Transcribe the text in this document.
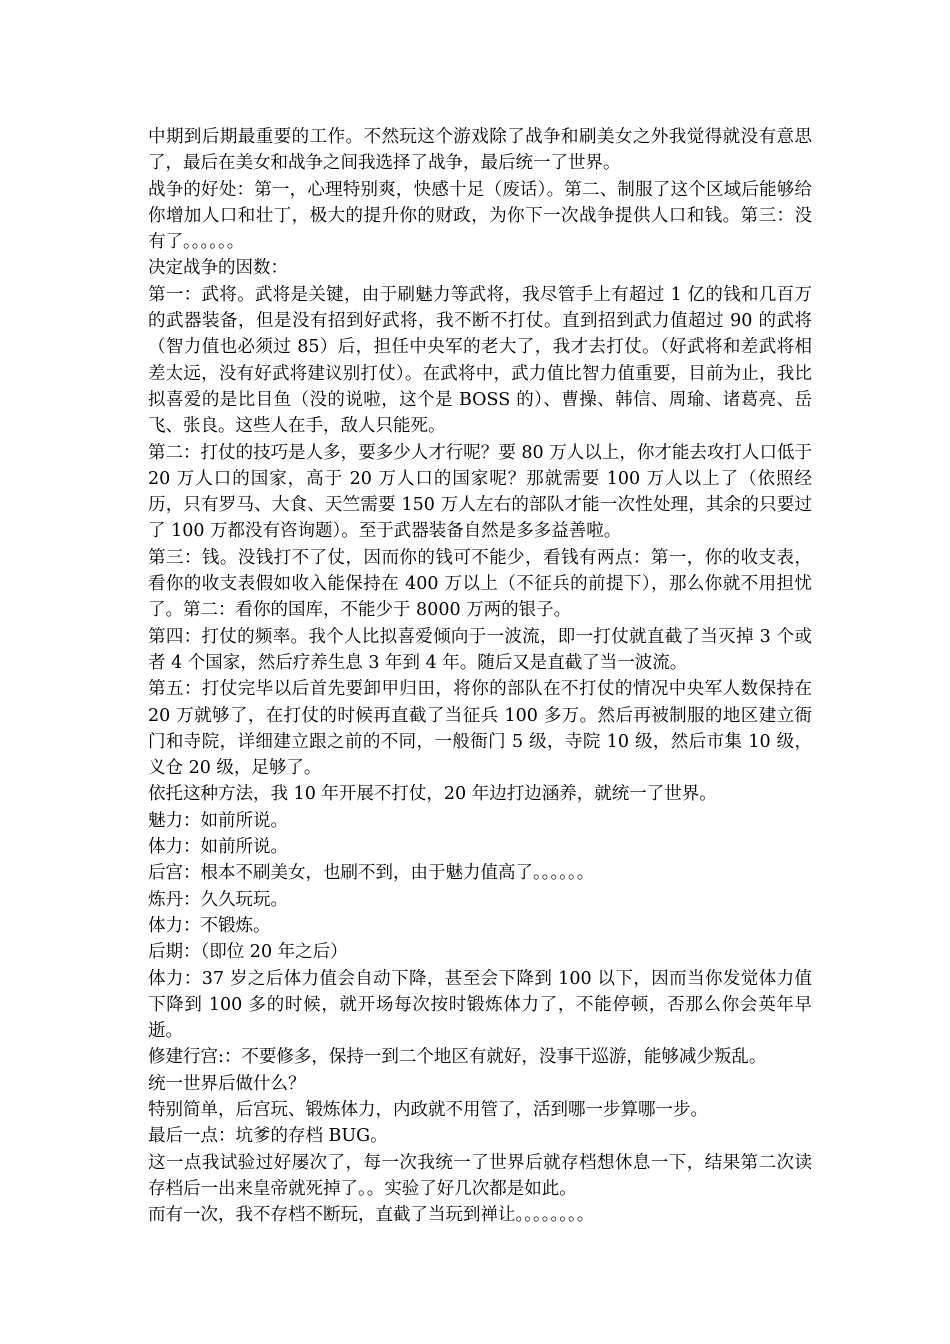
中期到后期最重要的工作。不然玩这个游戏除了战争和刷美女之外我觉得就没有意思了，最后在美女和战争之间我选择了战争，最后统一了世界。

战争的好处：第一，心理特别爽，快感十足（废话）。第二、制服了这个区域后能够给你增加人口和壮丁，极大的提升你的财政，为你下一次战争提供人口和钱。第三：没有了。。。。。。

决定战争的因数：

第一：武将。武将是关键，由于刷魅力等武将，我尽管手上有超过 1 亿的钱和几百万的武器装备，但是没有招到好武将，我不断不打仗。直到招到武力值超过 90 的武将（智力值也必须过 85）后，担任中央军的老大了，我才去打仗。（好武将和差武将相差太远，没有好武将建议别打仗）。在武将中，武力值比智力值重要，目前为止，我比拟喜爱的是比目鱼（没的说啦，这个是 BOSS 的）、曹操、韩信、周瑜、诸葛亮、岳飞、张良。这些人在手，敌人只能死。

第二：打仗的技巧是人多，要多少人才行呢？要 80 万人以上，你才能去攻打人口低于 20 万人口的国家，高于 20 万人口的国家呢？那就需要 100 万人以上了（依照经历，只有罗马、大食、天竺需要 150 万人左右的部队才能一次性处理，其余的只要过了 100 万都没有咨询题）。至于武器装备自然是多多益善啦。

第三：钱。没钱打不了仗，因而你的钱可不能少，看钱有两点：第一，你的收支表，看你的收支表假如收入能保持在 400 万以上（不征兵的前提下），那么你就不用担忧了。第二：看你的国库，不能少于 8000 万两的银子。

第四：打仗的频率。我个人比拟喜爱倾向于一波流，即一打仗就直截了当灭掉 3 个或者 4 个国家，然后疗养生息 3 年到 4 年。随后又是直截了当一波流。

第五：打仗完毕以后首先要卸甲归田，将你的部队在不打仗的情况中央军人数保持在 20 万就够了，在打仗的时候再直截了当征兵 100 多万。然后再被制服的地区建立衙门和寺院，详细建立跟之前的不同，一般衙门 5 级，寺院 10 级，然后市集 10 级，义仓 20 级，足够了。

依托这种方法，我 10 年开展不打仗，20 年边打边涵养，就统一了世界。

魅力：如前所说。

体力：如前所说。

后宫：根本不刷美女，也刷不到，由于魅力值高了。。。。。。

炼丹：久久玩玩。

体力：不锻炼。

后期：（即位 20 年之后）

体力：37 岁之后体力值会自动下降，甚至会下降到 100 以下，因而当你发觉体力值下降到 100 多的时候，就开场每次按时锻炼体力了，不能停顿，否那么你会英年早逝。

修建行宫:：不要修多，保持一到二个地区有就好，没事干巡游，能够减少叛乱。

统一世界后做什么？

特别简单，后宫玩、锻炼体力，内政就不用管了，活到哪一步算哪一步。

最后一点：坑爹的存档 BUG。

这一点我试验过好屡次了，每一次我统一了世界后就存档想休息一下，结果第二次读存档后一出来皇帝就死掉了。。实验了好几次都是如此。

而有一次，我不存档不断玩，直截了当玩到禅让。。。。。。。。
